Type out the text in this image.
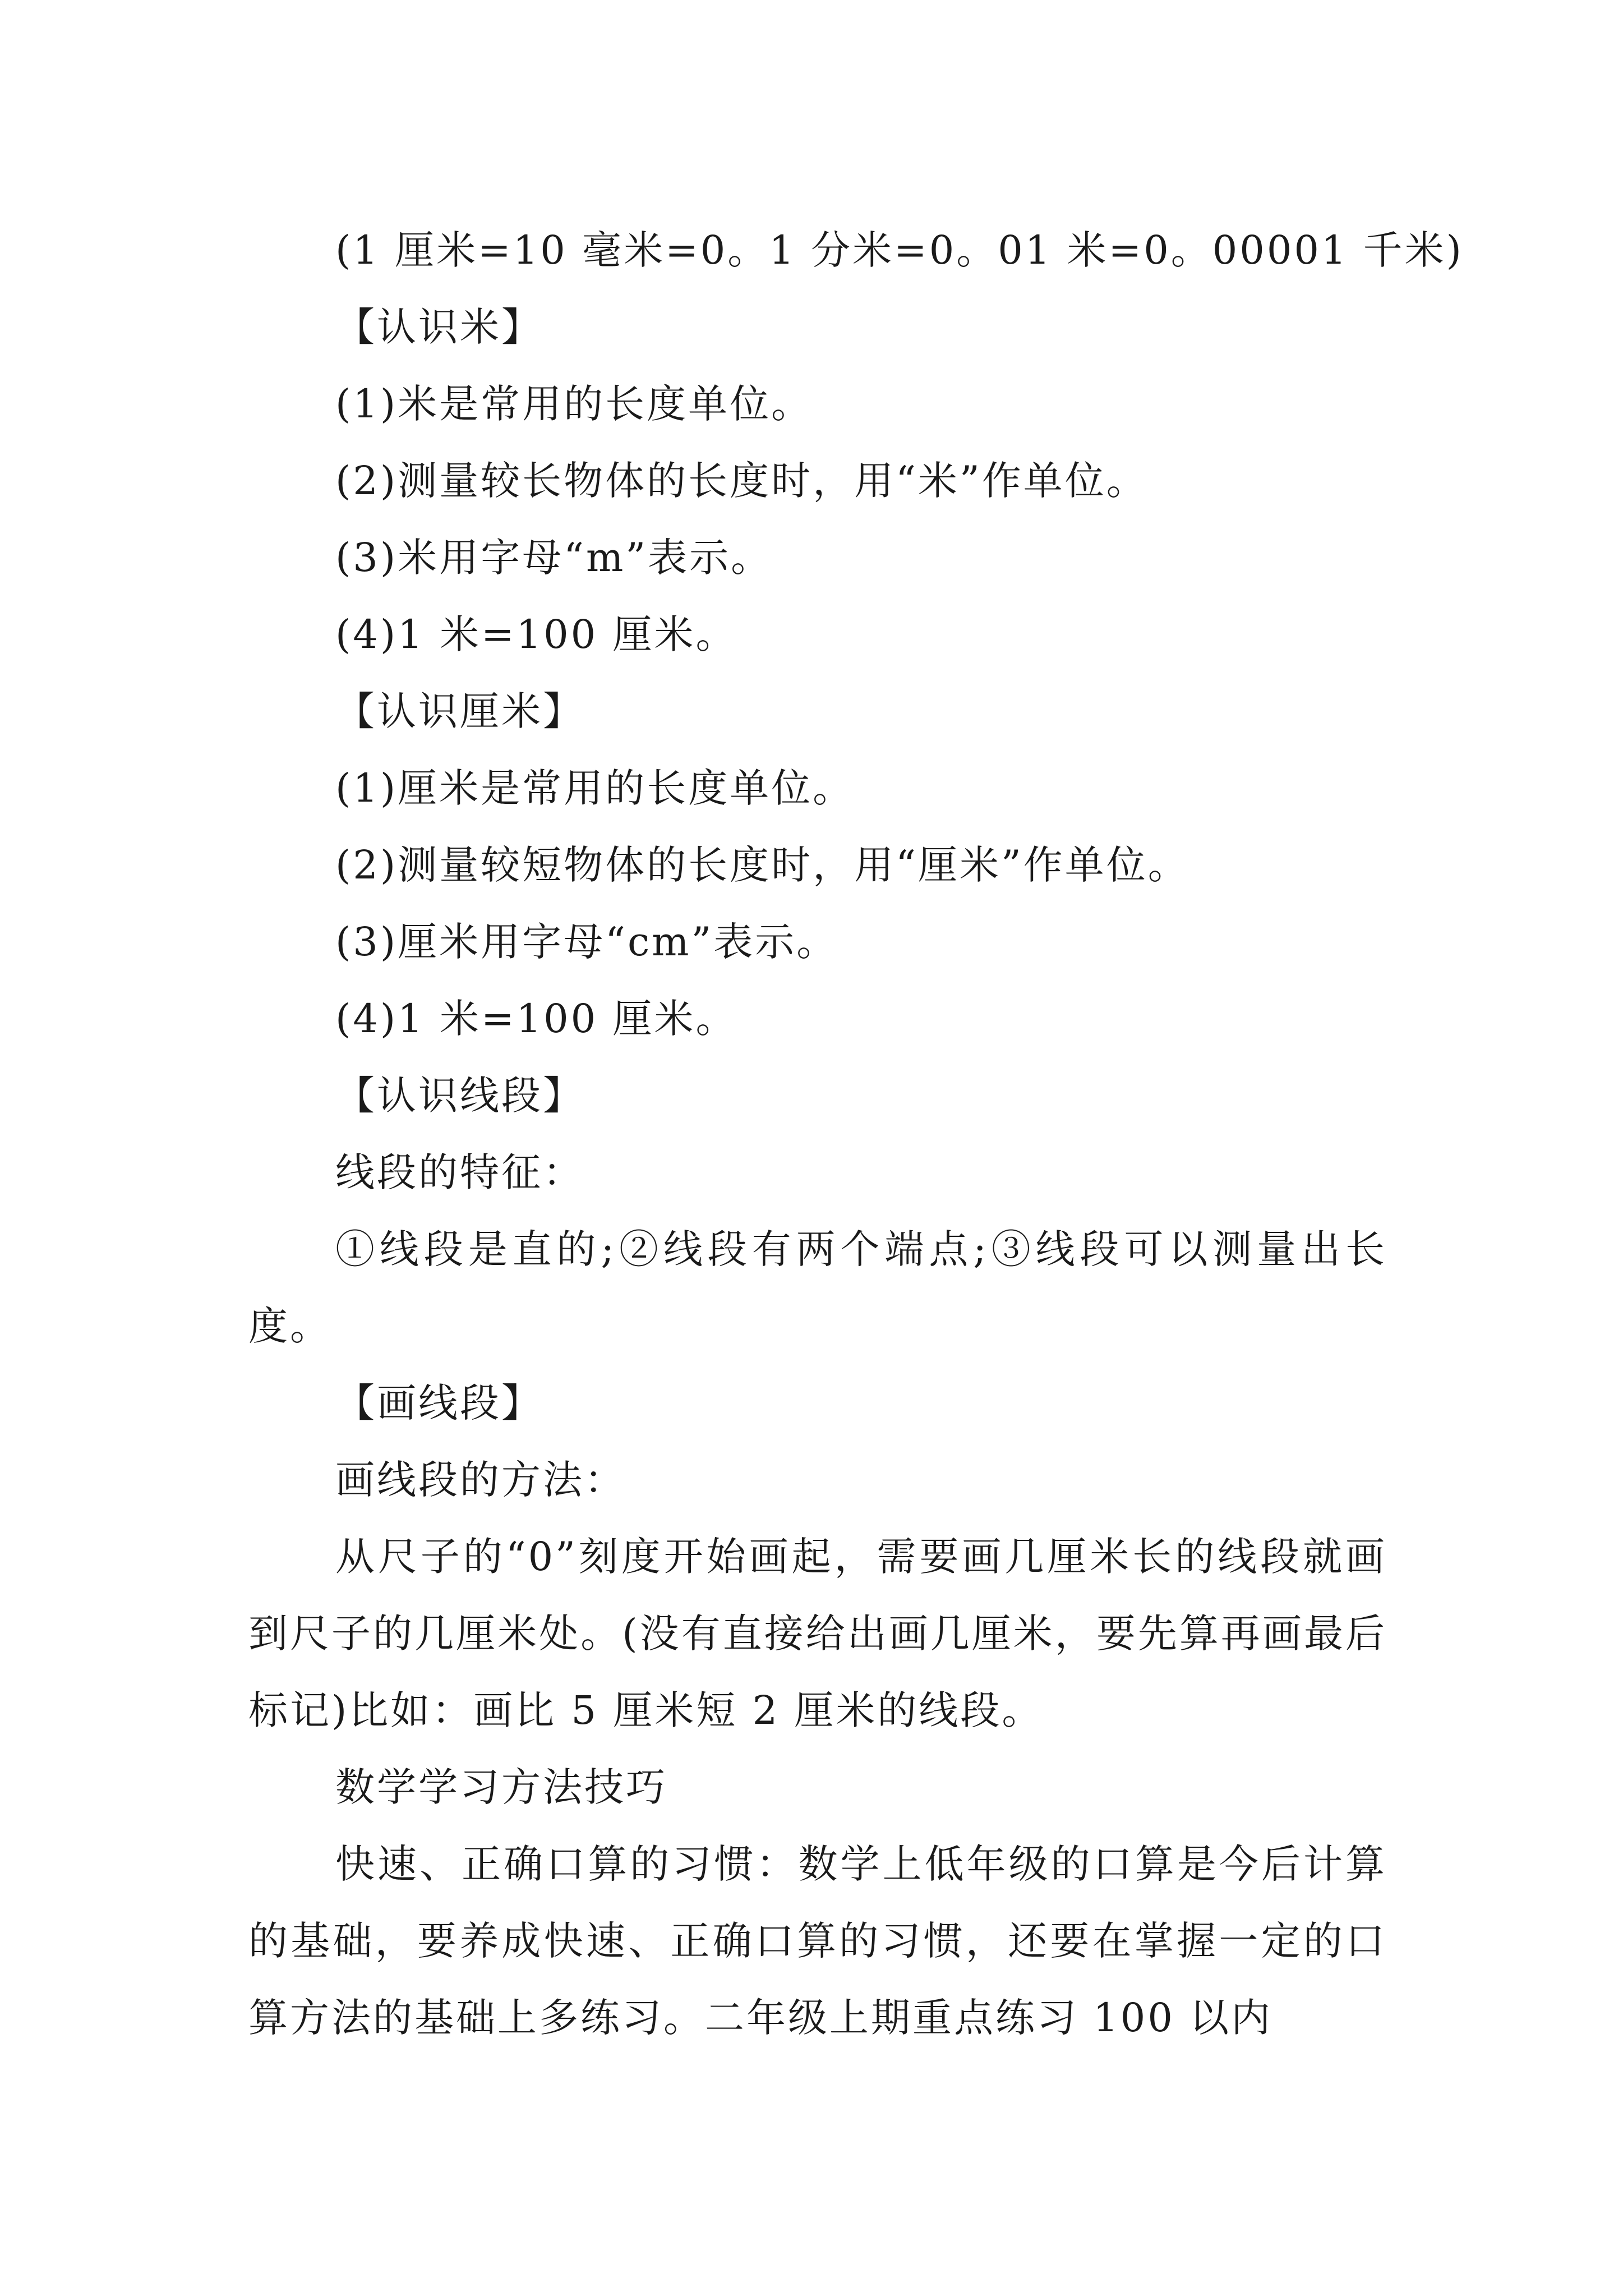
(1 厘米=10 毫米=0。1 分米=0。01 米=0。00001 千米)
【认识米】
(1)米是常用的长度单位。
(2)测量较长物体的长度时，用“米”作单位。
(3)米用字母“m”表示。
(4)1 米=100 厘米。
【认识厘米】
(1)厘米是常用的长度单位。
(2)测量较短物体的长度时，用“厘米”作单位。
(3)厘米用字母“cm”表示。
(4)1 米=100 厘米。
【认识线段】
线段的特征：
①线段是直的;②线段有两个端点;③线段可以测量出长度。
【画线段】
画线段的方法：
从尺子的“0”刻度开始画起，需要画几厘米长的线段就画到尺子的几厘米处。(没有直接给出画几厘米，要先算再画最后标记)比如：画比 5 厘米短 2 厘米的线段。
数学学习方法技巧
快速、正确口算的习惯：数学上低年级的口算是今后计算的基础，要养成快速、正确口算的习惯，还要在掌握一定的口算方法的基础上多练习。二年级上期重点练习 100 以内
